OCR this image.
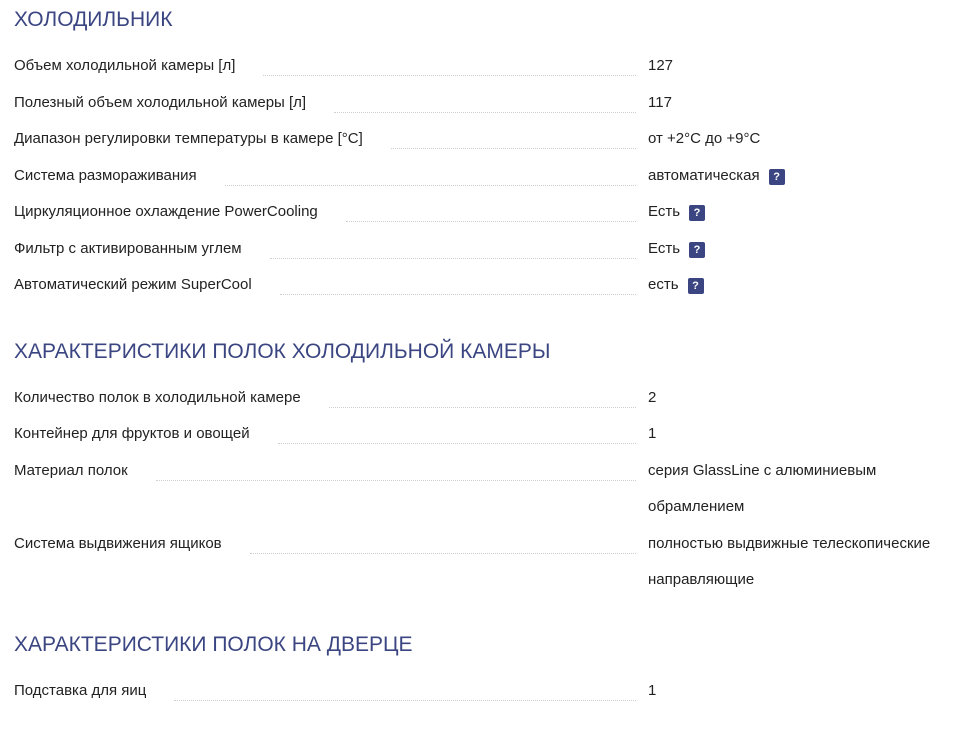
ХОЛОДИЛЬНИК
Объем холодильной камеры [л]	127
Полезный объем холодильной камеры [л]	117
Диапазон регулировки температуры в камере [°C]	от +2°C до +9°C
Система размораживания	автоматическая	?
Циркуляционное охлаждение PowerCooling	Есть	?
Фильтр с активированным углем	Есть	?
Автоматический режим SuperCool	есть	?
ХАРАКТЕРИСТИКИ ПОЛОК ХОЛОДИЛЬНОЙ КАМЕРЫ
Количество полок в холодильной камере	2
Контейнер для фруктов и овощей	1
Материал полок	серия GlassLine с алюминиевым обрамлением
Система выдвижения ящиков	полностью выдвижные телескопические направляющие
ХАРАКТЕРИСТИКИ ПОЛОК НА ДВЕРЦЕ
Подставка для яиц	1
